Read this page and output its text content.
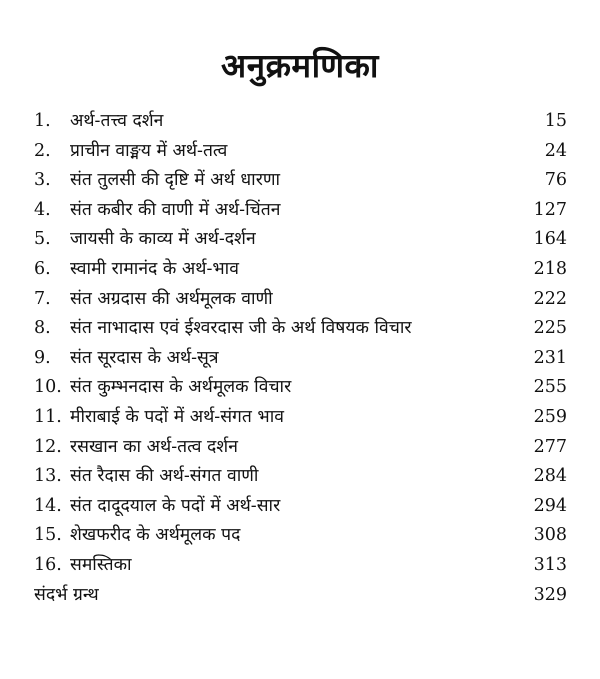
अनुक्रमणिका
1.	अर्थ-तत्त्व दर्शन	15
2.	प्राचीन वाङ्मय में अर्थ-तत्व	24
3.	संत तुलसी की दृष्टि में अर्थ धारणा	76
4.	संत कबीर की वाणी में अर्थ-चिंतन	127
5.	जायसी के काव्य में अर्थ-दर्शन	164
6.	स्वामी रामानंद के अर्थ-भाव	218
7.	संत अग्रदास की अर्थमूलक वाणी	222
8.	संत नाभादास एवं ईश्वरदास जी के अर्थ विषयक विचार	225
9.	संत सूरदास के अर्थ-सूत्र	231
10. संत कुम्भनदास के अर्थमूलक विचार	255
11. मीराबाई के पदों में अर्थ-संगत भाव	259
12. रसखान का अर्थ-तत्व दर्शन	277
13. संत रैदास की अर्थ-संगत वाणी	284
14. संत दादूदयाल के पदों में अर्थ-सार	294
15. शेखफरीद के अर्थमूलक पद	308
16. समस्तिका	313
संदर्भ ग्रन्थ	329
